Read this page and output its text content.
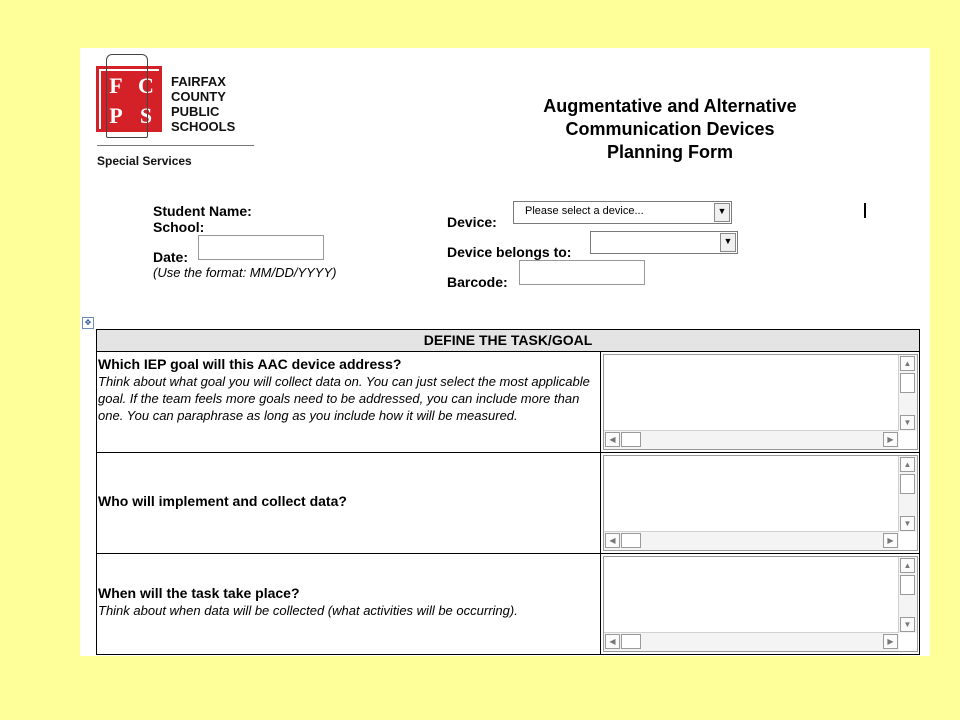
F C
P S
FAIRFAX
COUNTY
PUBLIC
SCHOOLS
Special Services
Augmentative and Alternative
Communication Devices
Planning Form
Student Name:
School:
Date:
(Use the format: MM/DD/YYYY)
Device:
Please select a device...	▼
Device belongs to:
▼
Barcode:
✥
DEFINE THE TASK/GOAL
Which IEP goal will this AAC device address?
Think about what goal you will collect data on. You can just select the most applicable goal. If the team feels more goals need to be addressed, you can include more than one. You can paraphrase as long as you include how it will be measured.
▲
▼
◀	▶
Who will implement and collect data?
▲
▼
◀	▶
When will the task take place?
Think about when data will be collected (what activities will be occurring).
▲
▼
◀	▶
